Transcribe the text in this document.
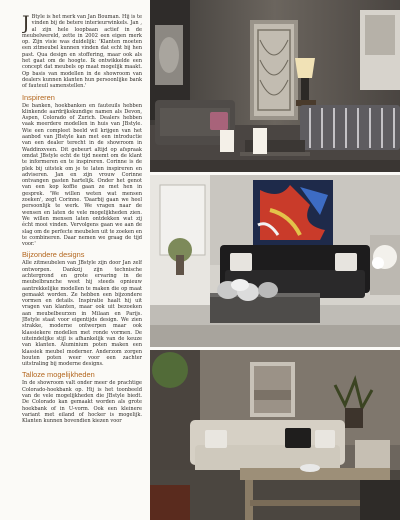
J Btyle is het merk van Jan Bouman. Hij is te vinden bij de betere interieurwinkels. Jan , al zijn hele loopbaan actief in de meubelwereld, zette in 2002 een eigen merk op. Zijn visie was duidelijk: 'Klanten moeten een zitmeubel kunnen vinden dat echt bij hen past. Qua design en stoffering, maar ook als het gaat om de hoogte. Ik ontwikkelde een concept dat meubels op maat mogelijk maakt. Op basis van modellen in de showroom van dealers kunnen klanten hun persoonlijke bank of fauteuil samenstellen.'

Inspireren

De banken, hoekbanken en fauteuils hebben klinkende aardrijkskundige namen als Devon, Aspen, Colorado of Zurich. Dealers hebben vaak meerdere modellen in huis van JBstyle. Wie een compleet beeld wil krijgen van het aanbod van JBstyle kan met een introductie van een dealer terecht in de showroom in Waddinxveen. Dit gebeurt altijd op afspraak omdat JBstyle echt de tijd neemt om de klant te informeren en te inspireren. Corinne is de plek bij uitstek om je te laten inspireren en adviseren. Jan en zijn vrouw Corinne ontvangen gasten hartelijk. Onder het genot van een kop koffie gaan ze met hen in gesprek. 'We willen weten wat mensen zoeken', zegt Corinne. 'Daarbij gaan we heel persoonlijk te werk. We vragen naar de wensen en laten de vele mogelijkheden zien. We willen mensen laten ontdekken wat zij écht mooi vinden. Vervolgens gaan we aan de slag om de perfecte meubelen uit te zoeken en te combineren. Daar nemen we graag de tijd voor.'

Bijzondere designs

Alle zitmeubelen van JBstyle zijn door Jan zelf ontworpen. Dankzij zijn technische achtergrond en grote ervaring in de meubelbranche weet hij steeds opnieuw aantrekkelijke modellen te maken die op maat gemaakt worden. Ze hebben een bijzondere vormen en details. Inspiratie haalt hij uit vragen van klanten, maar ook uit bezoeken aan meubelbeurzen in Milaan en Parijs. JBstyle staat voor eigentijds design. We zien strakke, moderne ontwerpen maar ook klassiekere modellen met ronde vormen. De uiteindelijke stijl is afhankelijk van de keuze van klanten. Aluminium poten maken een klassiek meubel moderner. Anderzom zorgen houten poten weer voor een zachter uitstraling bij moderne designs.

Talloze mogelijkheden

In de showroom valt onder meer de prachtige Colorado-hoekbank op. Hij is het toonbeeld van de vele mogelijkheden die JBstyle biedt. De Colorado kan gemaakt worden als grote hoekbank of in U-vorm. Ook een kleinere variant met eiland of hocker is mogelijk. Klanten kunnen bovendien kiezen voor
